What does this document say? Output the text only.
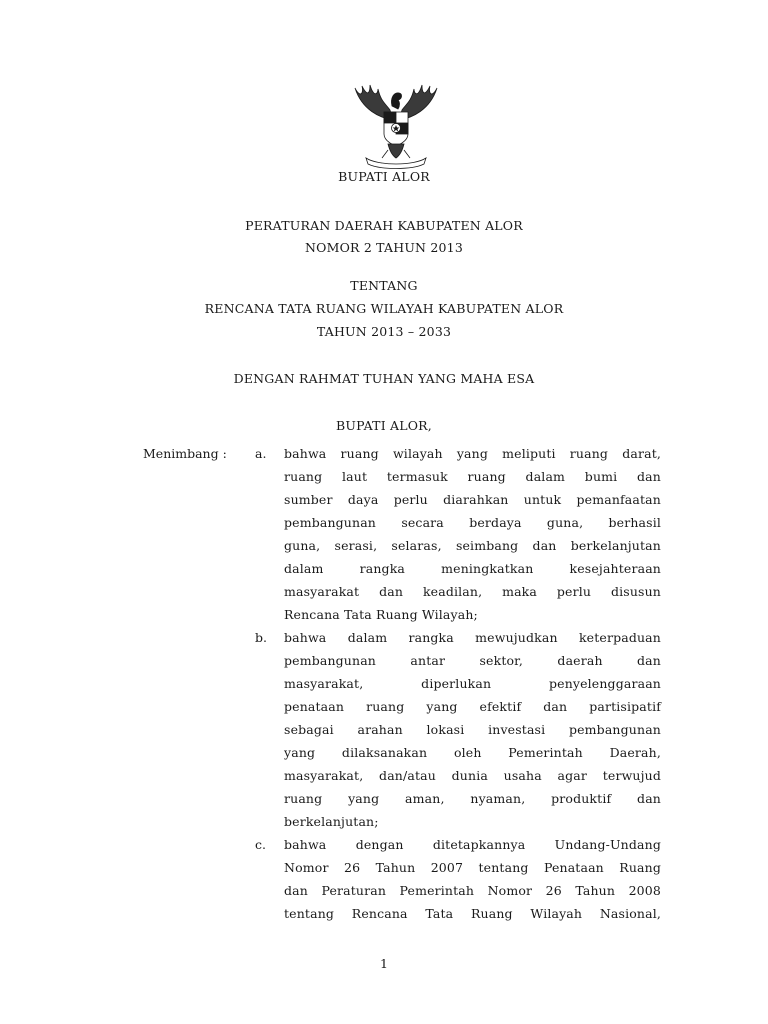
BUPATI ALOR
PERATURAN DAERAH KABUPATEN ALOR
NOMOR 2 TAHUN 2013
TENTANG
RENCANA TATA RUANG WILAYAH KABUPATEN ALOR
TAHUN 2013 – 2033
DENGAN RAHMAT TUHAN YANG MAHA ESA
BUPATI ALOR,
Menimbang : a. bahwa ruang wilayah yang meliputi ruang darat,
ruang laut termasuk ruang dalam bumi dan
sumber daya perlu diarahkan untuk pemanfaatan
pembangunan secara berdaya guna, berhasil
guna, serasi, selaras, seimbang dan berkelanjutan
dalam rangka meningkatkan kesejahteraan
masyarakat dan keadilan, maka perlu disusun
Rencana Tata Ruang Wilayah;
b. bahwa dalam rangka mewujudkan keterpaduan
pembangunan antar sektor, daerah dan
masyarakat, diperlukan penyelenggaraan
penataan ruang yang efektif dan partisipatif
sebagai arahan lokasi investasi pembangunan
yang dilaksanakan oleh Pemerintah Daerah,
masyarakat, dan/atau dunia usaha agar terwujud
ruang yang aman, nyaman, produktif dan
berkelanjutan;
c. bahwa dengan ditetapkannya Undang-Undang
Nomor 26 Tahun 2007 tentang Penataan Ruang
dan Peraturan Pemerintah Nomor 26 Tahun 2008
tentang Rencana Tata Ruang Wilayah Nasional,
1
